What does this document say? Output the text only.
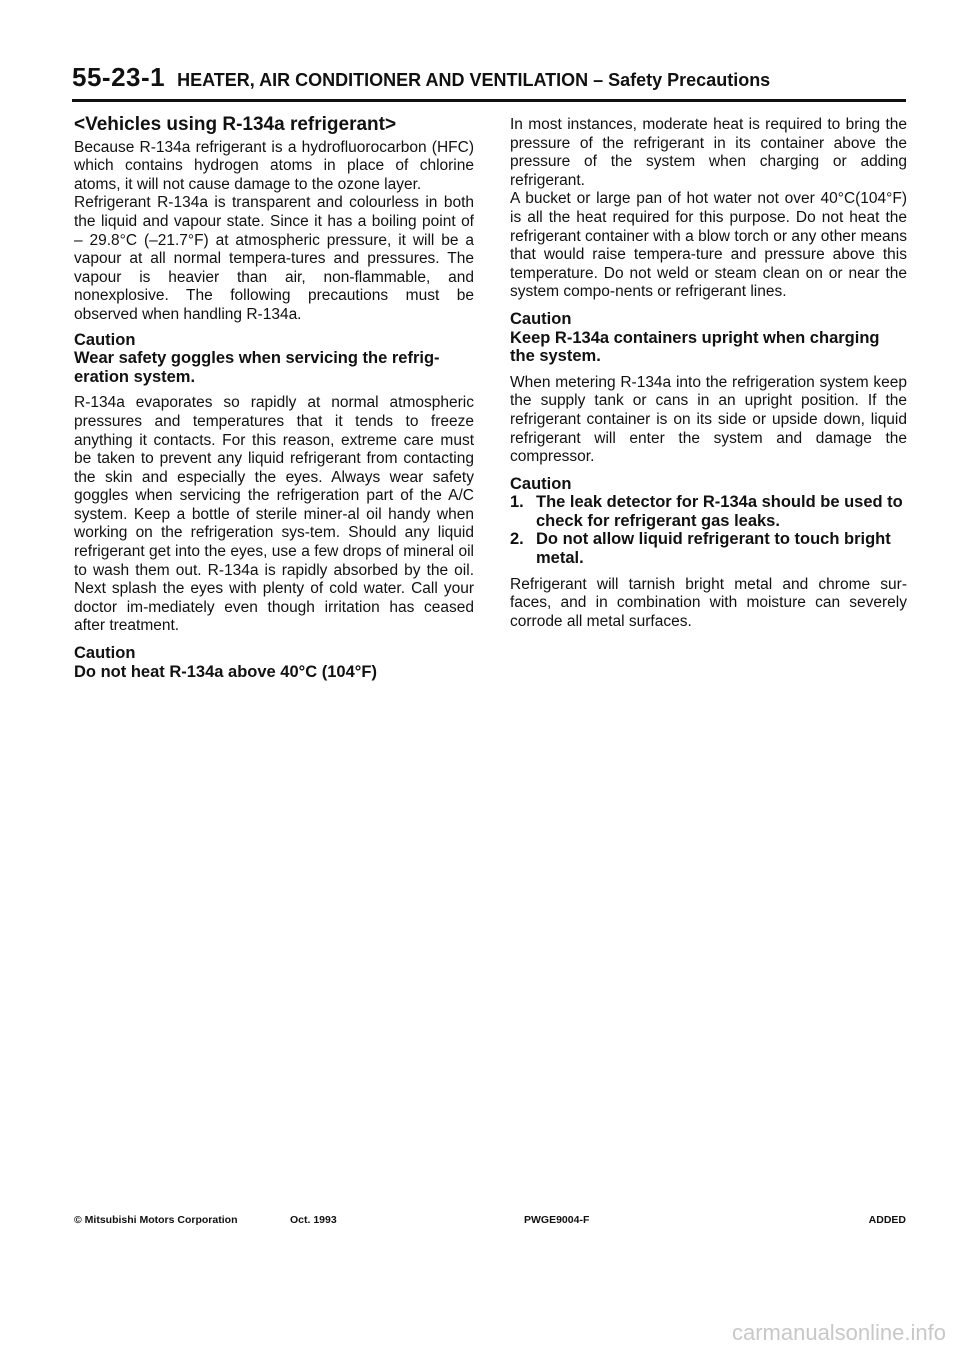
55-23-1 HEATER, AIR CONDITIONER AND VENTILATION – Safety Precautions
<Vehicles using R-134a refrigerant>

Because R-134a refrigerant is a hydrofluorocarbon (HFC) which contains hydrogen atoms in place of chlorine atoms, it will not cause damage to the ozone layer.

Refrigerant R-134a is transparent and colourless in both the liquid and vapour state. Since it has a boiling point of – 29.8°C (–21.7°F) at atmospheric pressure, it will be a vapour at all normal tempera-tures and pressures. The vapour is heavier than air, non-flammable, and nonexplosive. The following precautions must be observed when handling R-134a.

Caution
Wear safety goggles when servicing the refrig-eration system.

R-134a evaporates so rapidly at normal atmospheric pressures and temperatures that it tends to freeze anything it contacts. For this reason, extreme care must be taken to prevent any liquid refrigerant from contacting the skin and especially the eyes. Always wear safety goggles when servicing the refrigeration part of the A/C system. Keep a bottle of sterile miner-al oil handy when working on the refrigeration sys-tem. Should any liquid refrigerant get into the eyes, use a few drops of mineral oil to wash them out. R-134a is rapidly absorbed by the oil. Next splash the eyes with plenty of cold water. Call your doctor im-mediately even though irritation has ceased after treatment.

Caution
Do not heat R-134a above 40°C (104°F)

In most instances, moderate heat is required to bring the pressure of the refrigerant in its container above the pressure of the system when charging or adding refrigerant.

A bucket or large pan of hot water not over 40°C(104°F) is all the heat required for this purpose. Do not heat the refrigerant container with a blow torch or any other means that would raise tempera-ture and pressure above this temperature. Do not weld or steam clean on or near the system compo-nents or refrigerant lines.

Caution
Keep R-134a containers upright when charging the system.

When metering R-134a into the refrigeration system keep the supply tank or cans in an upright position. If the refrigerant container is on its side or upside down, liquid refrigerant will enter the system and damage the compressor.

Caution
1. The leak detector for R-134a should be used to check for refrigerant gas leaks.
2. Do not allow liquid refrigerant to touch bright metal.

Refrigerant will tarnish bright metal and chrome sur-faces, and in combination with moisture can severely corrode all metal surfaces.

© Mitsubishi Motors Corporation	Oct. 1993	PWGE9004-F	ADDED
carmanualsonline.info
